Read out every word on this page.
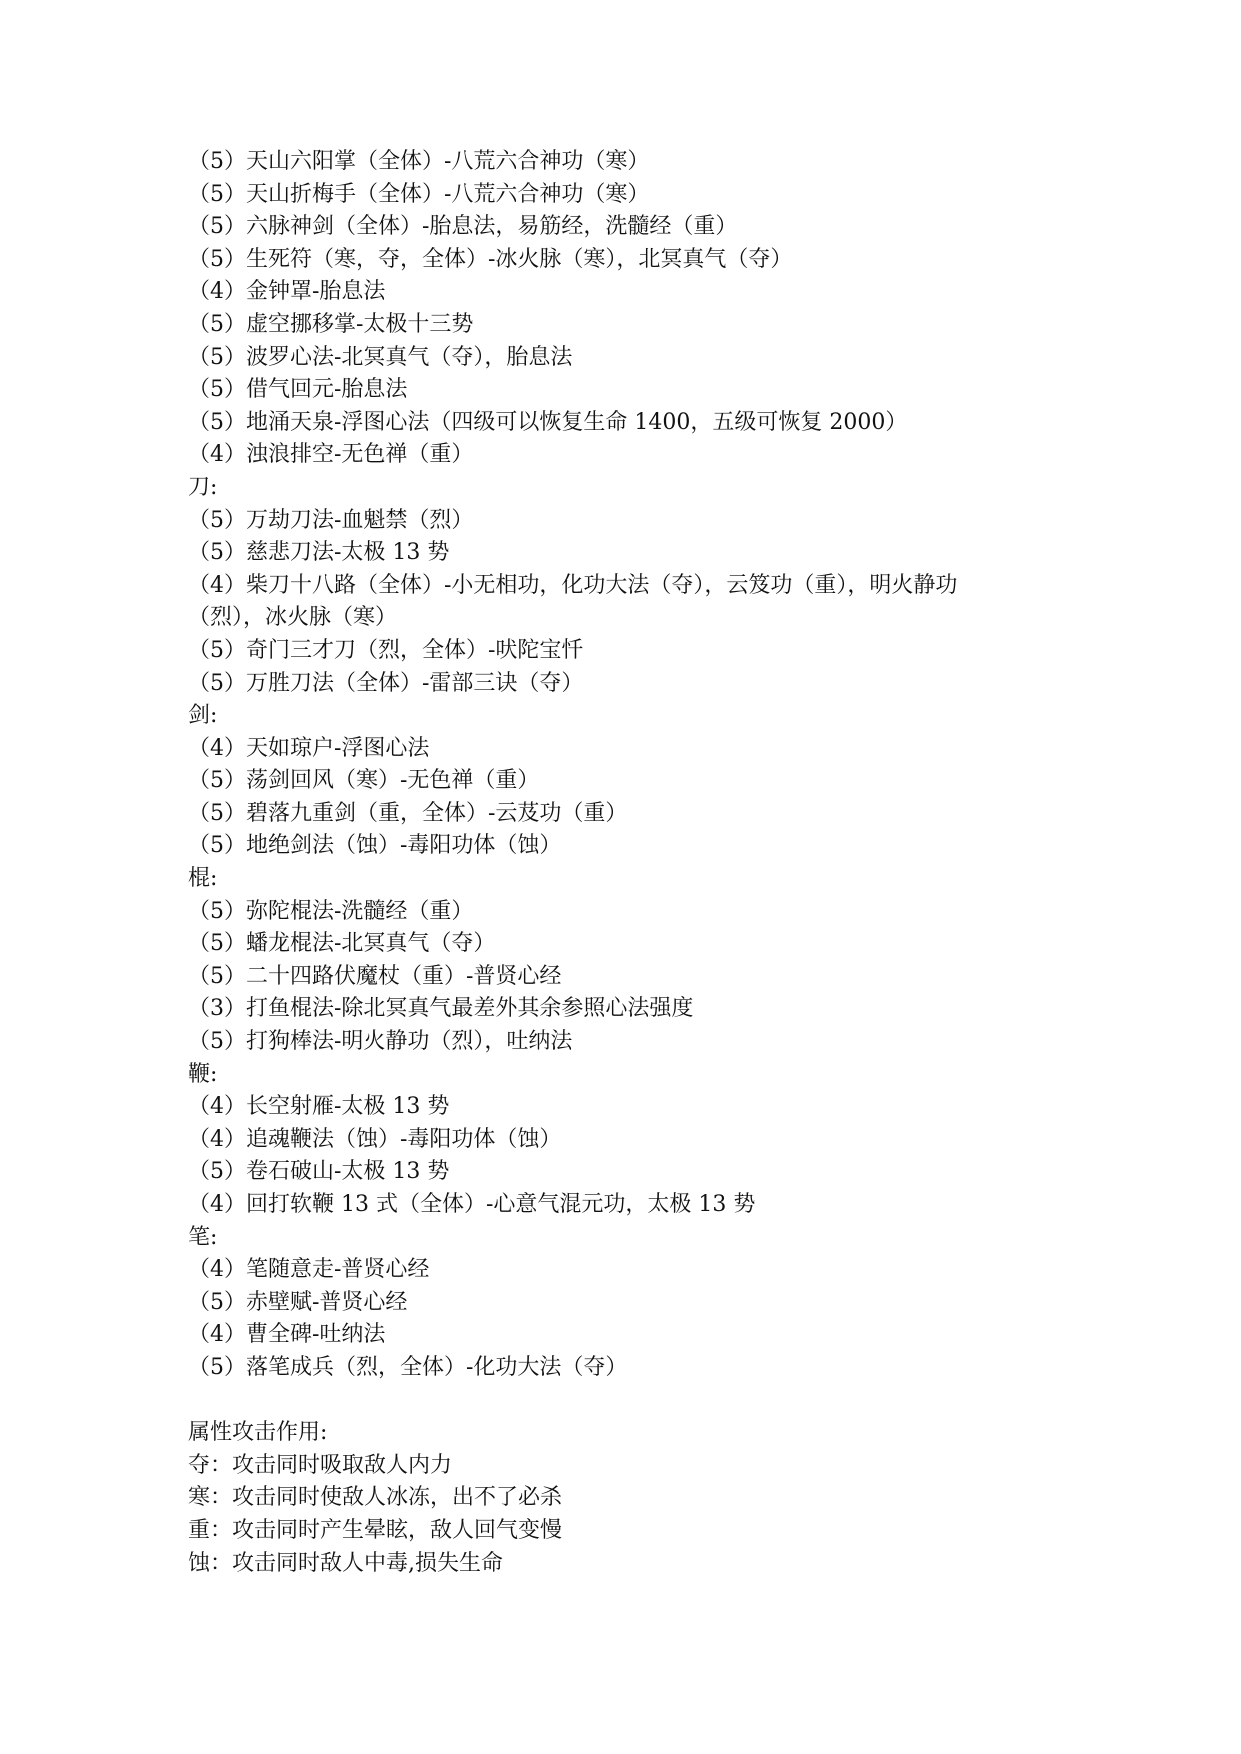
（5）天山六阳掌（全体）-八荒六合神功（寒）
（5）天山折梅手（全体）-八荒六合神功（寒）
（5）六脉神剑（全体）-胎息法，易筋经，洗髓经（重）
（5）生死符（寒，夺，全体）-冰火脉（寒），北冥真气（夺）
（4）金钟罩-胎息法
（5）虚空挪移掌-太极十三势
（5）波罗心法-北冥真气（夺），胎息法
（5）借气回元-胎息法
（5）地涌天泉-浮图心法（四级可以恢复生命 1400，五级可恢复 2000）
（4）浊浪排空-无色禅（重）
刀:
（5）万劫刀法-血魁禁（烈）
（5）慈悲刀法-太极 13 势
（4）柴刀十八路（全体）-小无相功，化功大法（夺），云笈功（重），明火静功
（烈），冰火脉（寒）
（5）奇门三才刀（烈，全体）-吠陀宝忏
（5）万胜刀法（全体）-雷部三诀（夺）
剑:
（4）天如琼户-浮图心法
（5）荡剑回风（寒）-无色禅（重）
（5）碧落九重剑（重，全体）-云芨功（重）
（5）地绝剑法（蚀）-毒阳功体（蚀）
棍:
（5）弥陀棍法-洗髓经（重）
（5）蟠龙棍法-北冥真气（夺）
（5）二十四路伏魔杖（重）-普贤心经
（3）打鱼棍法-除北冥真气最差外其余参照心法强度
（5）打狗棒法-明火静功（烈），吐纳法
鞭:
（4）长空射雁-太极 13 势
（4）追魂鞭法（蚀）-毒阳功体（蚀）
（5）卷石破山-太极 13 势
（4）回打软鞭 13 式（全体）-心意气混元功，太极 13 势
笔:
（4）笔随意走-普贤心经
（5）赤壁赋-普贤心经
（4）曹全碑-吐纳法
（5）落笔成兵（烈，全体）-化功大法（夺）
属性攻击作用:
夺：攻击同时吸取敌人内力
寒：攻击同时使敌人冰冻，出不了必杀
重：攻击同时产生晕眩，敌人回气变慢
蚀：攻击同时敌人中毒,损失生命
